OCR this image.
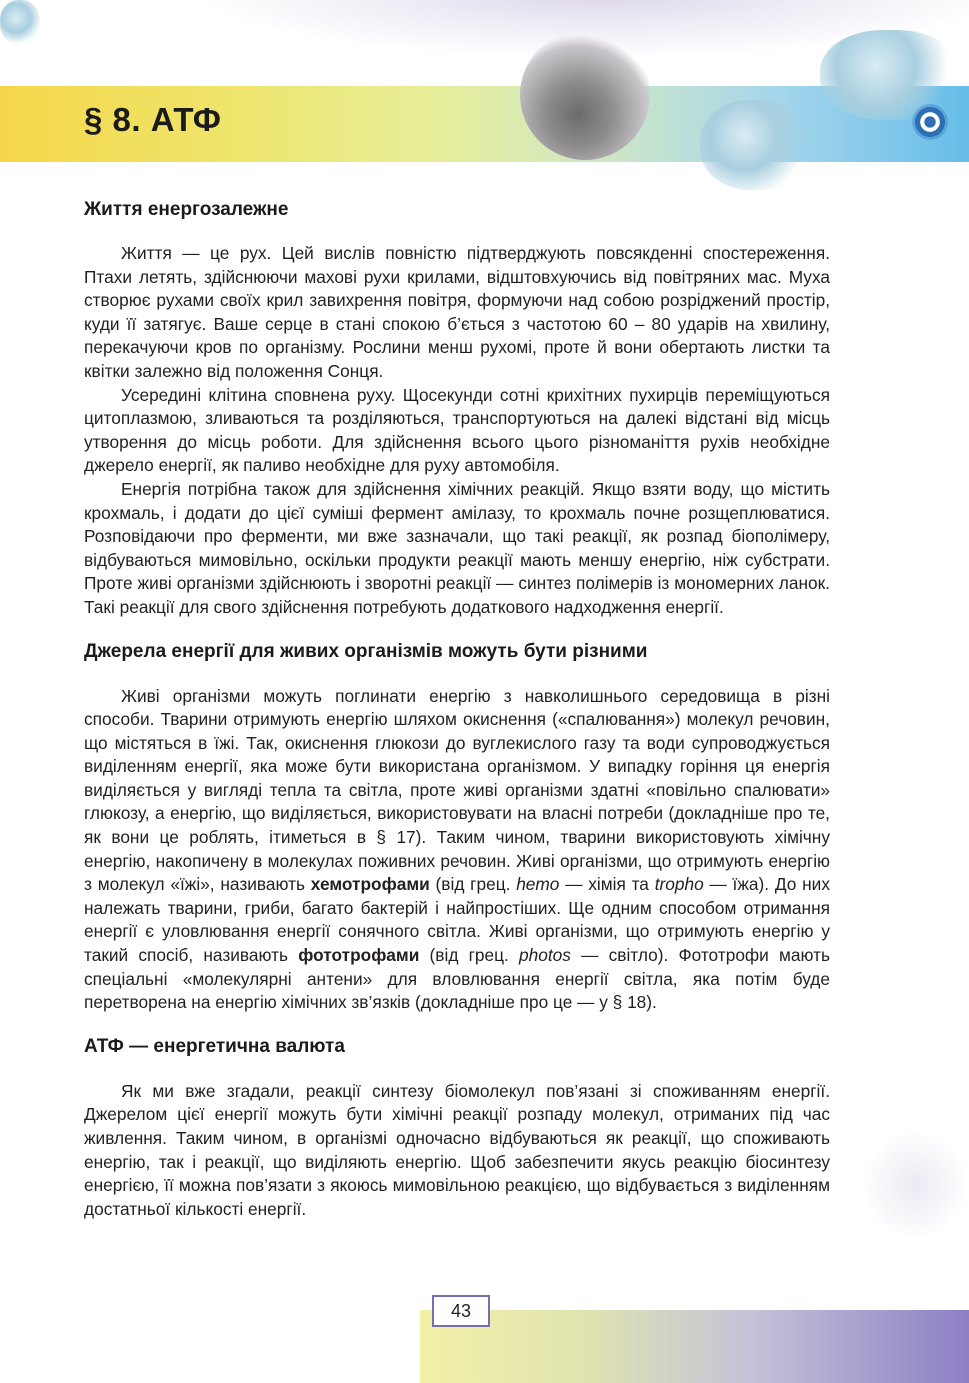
§ 8. АТФ
Життя енергозалежне

Життя — це рух. Цей вислів повністю підтверджують повсякденні спостереження. Птахи летять, здійснюючи махові рухи крилами, відштовхуючись від повітряних мас. Муха створює рухами своїх крил завихрення повітря, формуючи над собою розріджений простір, куди її затягує. Ваше серце в стані спокою б’ється з частотою 60 – 80 ударів на хвилину, перекачуючи кров по організму. Рослини менш рухомі, проте й вони обертають листки та квітки залежно від положення Сонця.

Усередині клітина сповнена руху. Щосекунди сотні крихітних пухирців переміщуються цитоплазмою, зливаються та розділяються, транспортуються на далекі відстані від місць утворення до місць роботи. Для здійснення всього цього різноманіття рухів необхідне джерело енергії, як паливо необхідне для руху автомобіля.

Енергія потрібна також для здійснення хімічних реакцій. Якщо взяти воду, що містить крохмаль, і додати до цієї суміші фермент амілазу, то крохмаль почне розщеплюватися. Розповідаючи про ферменти, ми вже зазначали, що такі реакції, як розпад біополімеру, відбуваються мимовільно, оскільки продукти реакції мають меншу енергію, ніж субстрати. Проте живі організми здійснюють і зворотні реакції — синтез полімерів із мономерних ланок. Такі реакції для свого здійснення потребують додаткового надходження енергії.

Джерела енергії для живих організмів можуть бути різними

Живі організми можуть поглинати енергію з навколишнього середовища в різні способи. Тварини отримують енергію шляхом окиснення («спалювання») молекул речовин, що містяться в їжі. Так, окиснення глюкози до вуглекислого газу та води супроводжується виділенням енергії, яка може бути використана організмом. У випадку горіння ця енергія виділяється у вигляді тепла та світла, проте живі організми здатні «повільно спалювати» глюкозу, а енергію, що виділяється, використовувати на власні потреби (докладніше про те, як вони це роблять, ітиметься в § 17). Таким чином, тварини використовують хімічну енергію, накопичену в молекулах поживних речовин. Живі організми, що отримують енергію з молекул «їжі», називають хемотрофами (від грец. hemo — хімія та tropho — їжа). До них належать тварини, гриби, багато бактерій і найпростіших. Ще одним способом отримання енергії є уловлювання енергії сонячного світла. Живі організми, що отримують енергію у такий спосіб, називають фототрофами (від грец. photos — світло). Фототрофи мають спеціальні «молекулярні антени» для вловлювання енергії світла, яка потім буде перетворена на енергію хімічних зв’язків (докладніше про це — у § 18).

АТФ — енергетична валюта

Як ми вже згадали, реакції синтезу біомолекул пов’язані зі споживанням енергії. Джерелом цієї енергії можуть бути хімічні реакції розпаду молекул, отриманих під час живлення. Таким чином, в організмі одночасно відбуваються як реакції, що споживають енергію, так і реакції, що виділяють енергію. Щоб забезпечити якусь реакцію біосинтезу енергією, її можна пов’язати з якоюсь мимовільною реакцією, що відбувається з виділенням достатньої кількості енергії.

43
